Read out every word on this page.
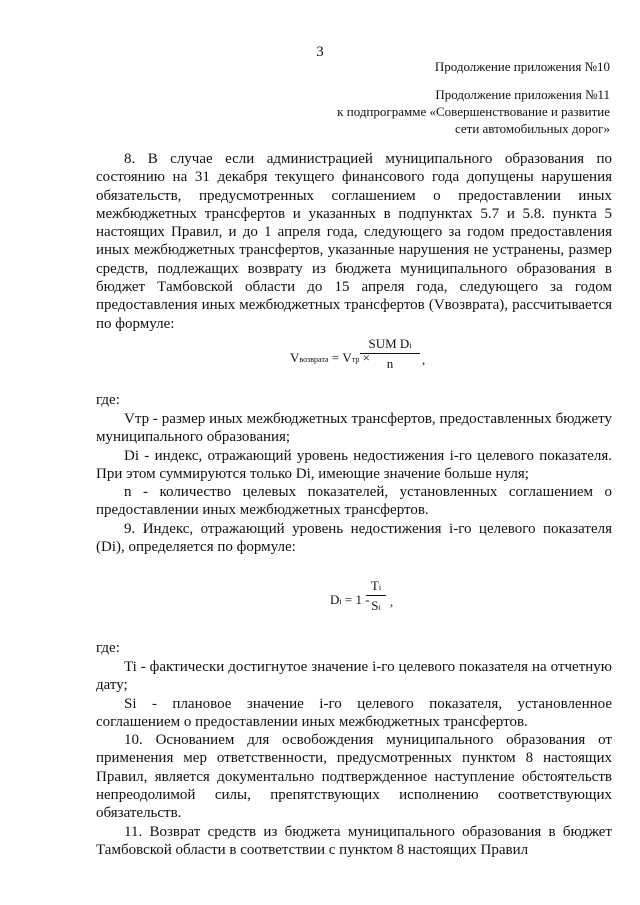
3
Продолжение приложения №10
Продолжение приложения №11
к подпрограмме «Совершенствование и развитие
сети автомобильных дорог»

8. В случае если администрацией муниципального образования по состоянию на 31 декабря текущего финансового года допущены нарушения обязательств, предусмотренных соглашением о предоставлении иных межбюджетных трансфертов и указанных в подпунктах 5.7 и 5.8. пункта 5 настоящих Правил, и до 1 апреля года, следующего за годом предоставления иных межбюджетных трансфертов, указанные нарушения не устранены, размер средств, подлежащих возврату из бюджета муниципального образования в бюджет Тамбовской области до 15 апреля года, следующего за годом предоставления иных межбюджетных трансфертов (Vвозврата), рассчитывается по формуле:

Vвозврата = Vтр ×
SUM Di
n	,
где:

Vтр - размер иных межбюджетных трансфертов, предоставленных бюджету муниципального образования;

Di - индекс, отражающий уровень недостижения i-го целевого показателя. При этом суммируются только Di, имеющие значение больше нуля;

n - количество целевых показателей, установленных соглашением о предоставлении иных межбюджетных трансфертов.

9. Индекс, отражающий уровень недостижения i-го целевого показателя (Di), определяется по формуле:

Di = 1 -
$\frac{Ti}{Si}$ ,
где:

Ti - фактически достигнутое значение i-го целевого показателя на отчетную дату;

Si - плановое значение i-го целевого показателя, установленное соглашением о предоставлении иных межбюджетных трансфертов.

10. Основанием для освобождения муниципального образования от применения мер ответственности, предусмотренных пунктом 8 настоящих Правил, является документально подтвержденное наступление обстоятельств непреодолимой силы, препятствующих исполнению соответствующих обязательств.

11. Возврат средств из бюджета муниципального образования в бюджет Тамбовской области в соответствии с пунктом 8 настоящих Правил
